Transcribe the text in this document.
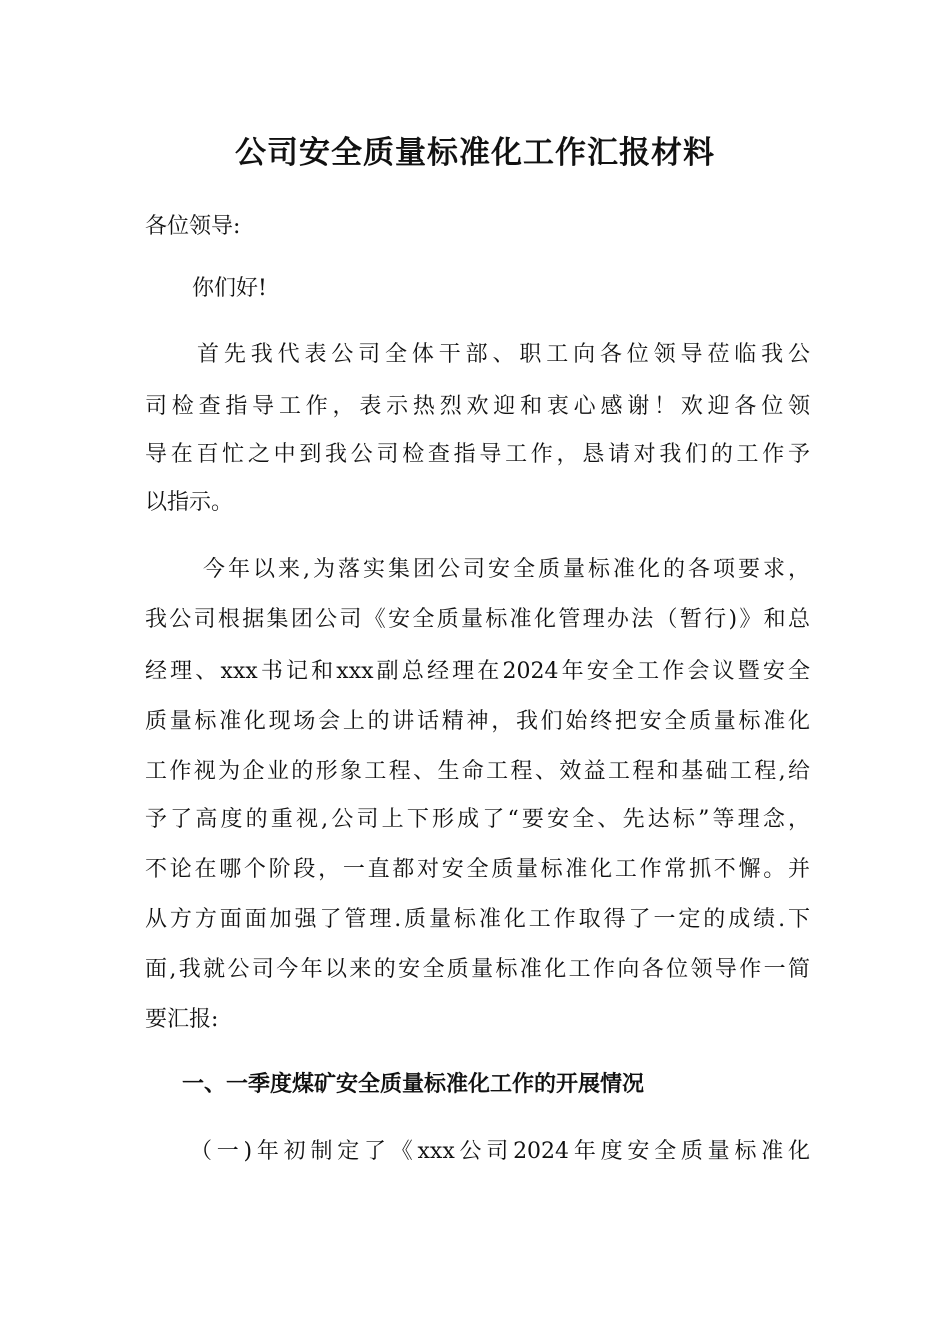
公司安全质量标准化工作汇报材料
各位领导:
你们好!
首先我代表公司全体干部、职工向各位领导莅临我公
司检查指导工作，表示热烈欢迎和衷心感谢！欢迎各位领
导在百忙之中到我公司检查指导工作，恳请对我们的工作予
以指示。
今年以来,为落实集团公司安全质量标准化的各项要求，
我公司根据集团公司《安全质量标准化管理办法（暂行)》和总
经理、xxx书记和xxx副总经理在2024年安全工作会议暨安全
质量标准化现场会上的讲话精神，我们始终把安全质量标准化
工作视为企业的形象工程、生命工程、效益工程和基础工程,给
予了高度的重视,公司上下形成了“要安全、先达标”等理念，
不论在哪个阶段，一直都对安全质量标准化工作常抓不懈。并
从方方面面加强了管理.质量标准化工作取得了一定的成绩.下
面,我就公司今年以来的安全质量标准化工作向各位领导作一简
要汇报:
一、一季度煤矿安全质量标准化工作的开展情况
（一)年初制定了《xxx公司2024年度安全质量标准化
